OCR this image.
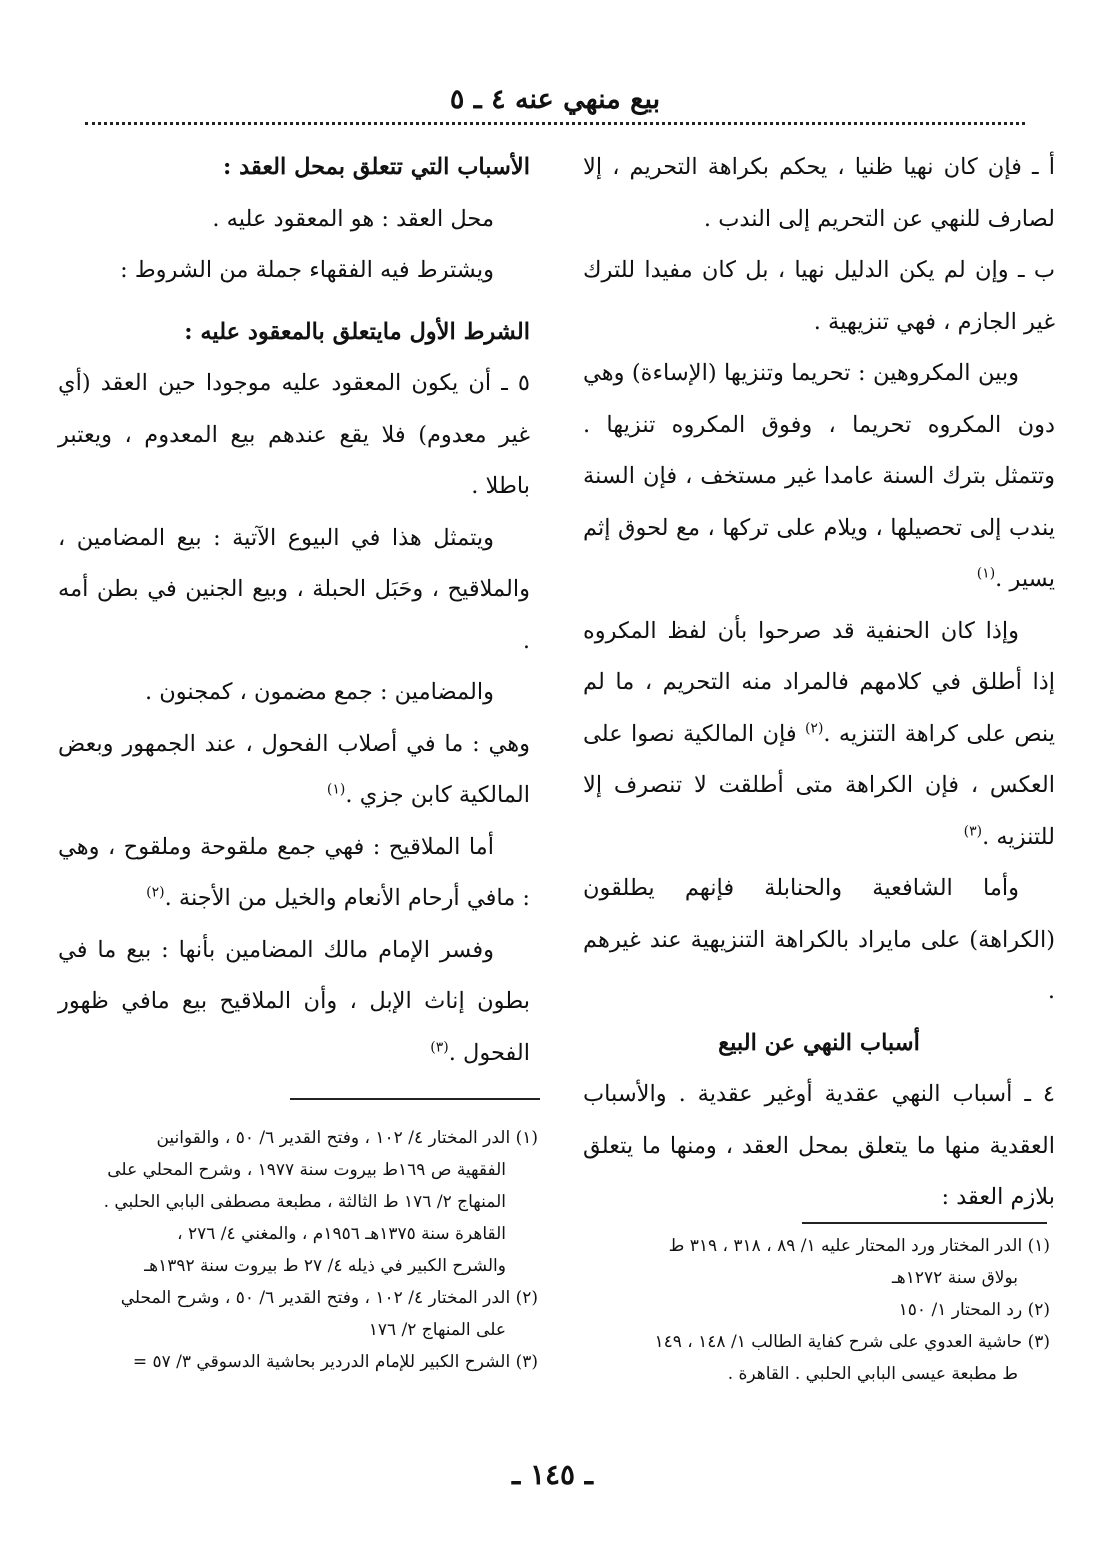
بيع منهي عنه ٤ ـ ٥

أ ـ فإن كان نهيا ظنيا ، يحكم بكراهة التحريم ، إلا لصارف للنهي عن التحريم إلى الندب .

ب ـ وإن لم يكن الدليل نهيا ، بل كان مفيدا للترك غير الجازم ، فهي تنزيهية .

وبين المكروهين : تحريما وتنزيها (الإساءة) وهي دون المكروه تحريما ، وفوق المكروه تنزيها . وتتمثل بترك السنة عامدا غير مستخف ، فإن السنة يندب إلى تحصيلها ، ويلام على تركها ، مع لحوق إثم يسير .$^{(١)}$

وإذا كان الحنفية قد صرحوا بأن لفظ المكروه إذا أطلق في كلامهم فالمراد منه التحريم ، ما لم ينص على كراهة التنزيه .$^{(٢)}$ فإن المالكية نصوا على العكس ، فإن الكراهة متى أطلقت لا تنصرف إلا للتنزيه .$^{(٣)}$

وأما الشافعية والحنابلة فإنهم يطلقون (الكراهة) على مايراد بالكراهة التنزيهية عند غيرهم .

أسباب النهي عن البيع

٤ ـ أسباب النهي عقدية أوغير عقدية . والأسباب العقدية منها ما يتعلق بمحل العقد ، ومنها ما يتعلق بلازم العقد :

الأسباب التي تتعلق بمحل العقد :

محل العقد : هو المعقود عليه .

ويشترط فيه الفقهاء جملة من الشروط :

الشرط الأول مايتعلق بالمعقود عليه :

٥ ـ أن يكون المعقود عليه موجودا حين العقد (أي غير معدوم) فلا يقع عندهم بيع المعدوم ، ويعتبر باطلا .

ويتمثل هذا في البيوع الآتية : بيع المضامين ، والملاقيح ، وحَبَل الحبلة ، وبيع الجنين في بطن أمه .

والمضامين : جمع مضمون ، كمجنون .

وهي : ما في أصلاب الفحول ، عند الجمهور وبعض المالكية كابن جزي .$^{(١)}$

أما الملاقيح : فهي جمع ملقوحة وملقوح ، وهي : مافي أرحام الأنعام والخيل من الأجنة .$^{(٢)}$

وفسر الإمام مالك المضامين بأنها : بيع ما في بطون إناث الإبل ، وأن الملاقيح بيع مافي ظهور الفحول .$^{(٣)}$

(١) الدر المختار ورد المحتار عليه ١/ ٨٩ ، ٣١٨ ، ٣١٩ ط

بولاق سنة ١٢٧٢هـ

(٢) رد المحتار ١/ ١٥٠

(٣) حاشية العدوي على شرح كفاية الطالب ١/ ١٤٨ ، ١٤٩

ط مطبعة عيسى البابي الحلبي . القاهرة .

(١) الدر المختار ٤/ ١٠٢ ، وفتح القدير ٦/ ٥٠ ، والقوانين

الفقهية ص ١٦٩ط بيروت سنة ١٩٧٧ ، وشرح المحلي على

المنهاج ٢/ ١٧٦ ط الثالثة ، مطبعة مصطفى البابي الحلبي .

القاهرة سنة ١٣٧٥هـ ١٩٥٦م ، والمغني ٤/ ٢٧٦ ،

والشرح الكبير في ذيله ٤/ ٢٧ ط بيروت سنة ١٣٩٢هـ

(٢) الدر المختار ٤/ ١٠٢ ، وفتح القدير ٦/ ٥٠ ، وشرح المحلي

على المنهاج ٢/ ١٧٦

(٣) الشرح الكبير للإمام الدردير بحاشية الدسوقي ٣/ ٥٧ =

ـ ١٤٥ ـ
